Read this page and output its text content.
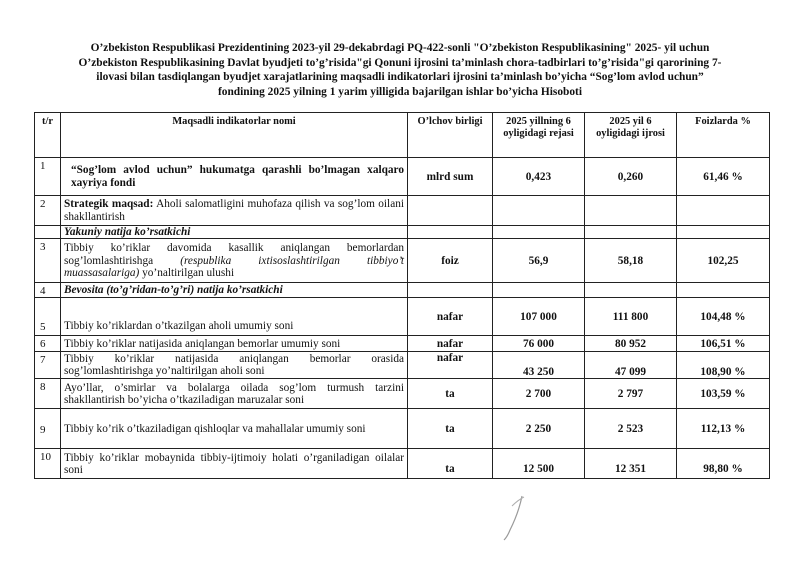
O’zbekiston Respublikasi Prezidentining 2023-yil 29-dekabrdagi PQ-422-sonli "O’zbekiston Respublikasining" 2025- yil uchun
O’zbekiston Respublikasining Davlat byudjeti to’g’risida"gi Qonuni ijrosini ta’minlash chora-tadbirlari to’g’risida"gi qarorining 7-
ilovasi bilan tasdiqlangan byudjet xarajatlarining maqsadli indikatorlari ijrosini ta’minlash bo’yicha “Sog’lom avlod uchun”
fondining 2025 yilning 1 yarim yilligida bajarilgan ishlar bo’yicha Hisoboti
t/r	Maqsadli indikatorlar nomi	O’lchov birligi	2025 yillning 6 oyligidagi rejasi	2025 yil 6 oyligidagi ijrosi	Foizlarda %
1	“Sog’lom avlod uchun” hukumatga qarashli bo’lmagan xalqaro xayriya fondi	mlrd sum	0,423	0,260	61,46 %
2	Strategik maqsad: Aholi salomatligini muhofaza qilish va sog’lom oilani shakllantirish				
	Yakuniy natija ko’rsatkichi				
3	Tibbiy ko’riklar davomida kasallik aniqlangan bemorlardan sog’lomlashtirishga (respublika ixtisoslashtirilgan tibbiyo’t muassasalariga) yo’naltirilgan ulushi	foiz	56,9	58,18	102,25
4	Bevosita (to’g’ridan-to’g’ri) natija ko’rsatkichi				
5	Tibbiy ko’riklardan o’tkazilgan aholi umumiy soni	nafar	107 000	111 800	104,48 %
6	Tibbiy ko’riklar natijasida aniqlangan bemorlar umumiy soni	nafar	76 000	80 952	106,51 %
7	Tibbiy ko’riklar natijasida aniqlangan bemorlar orasida sog’lomlashtirishga yo’naltirilgan aholi soni	nafar	43 250	47 099	108,90 %
8	Ayo’llar, o’smirlar va bolalarga oilada sog’lom turmush tarzini shakllantirish bo’yicha o’tkaziladigan maruzalar soni	ta	2 700	2 797	103,59 %
9	Tibbiy ko’rik o’tkaziladigan qishloqlar va mahallalar umumiy soni	ta	2 250	2 523	112,13 %
10	Tibbiy ko’riklar mobaynida tibbiy-ijtimoiy holati o’rganiladigan oilalar soni	ta	12 500	12 351	98,80 %
